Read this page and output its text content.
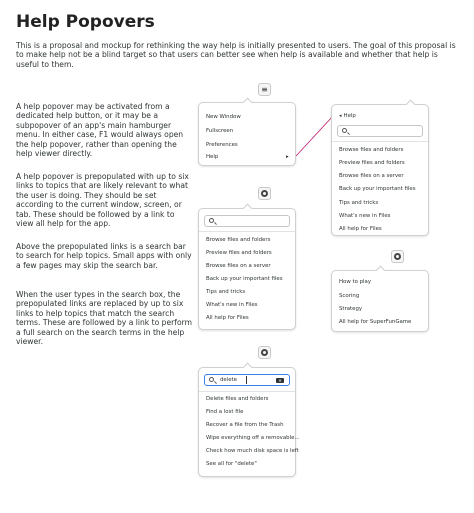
Help Popovers

This is a proposal and mockup for rethinking the way help is initially presented to users. The goal of this proposal is to make help not be a blind target so that users can better see when help is available and whether that help is useful to them.

A help popover may be activated from a dedicated help button, or it may be a subpopover of an app's main hamburger menu. In either case, F1 would always open the help popover, rather than opening the help viewer directly.

A help popover is prepopulated with up to six links to topics that are likely relevant to what the user is doing. They should be set according to the current window, screen, or tab. These should be followed by a link to view all help for the app.

Above the prepopulated links is a search bar to search for help topics. Small apps with only a few pages may skip the search bar.

When the user types in the search box, the prepopulated links are replaced by up to six links to help topics that match the search terms. These are followed by a link to perform a full search on the search terms in the help viewer.

≡
New Window
Fullscreen
Preferences
Help	▸
◂ Help
Browse files and folders
Preview files and folders
Browse files on a server
Back up your important files
Tips and tricks
What's new in Files
All help for Files
Browse files and folders
Preview files and folders
Browse files on a server
Back up your important files
Tips and tricks
What's new in Files
All help for Files
How to play
Scoring
Strategy
All help for SuperFunGame
delete	✕
Delete files and folders
Find a lost file
Recover a file from the Trash
Wipe everything off a removable...
Check how much disk space is left
See all for "delete"
